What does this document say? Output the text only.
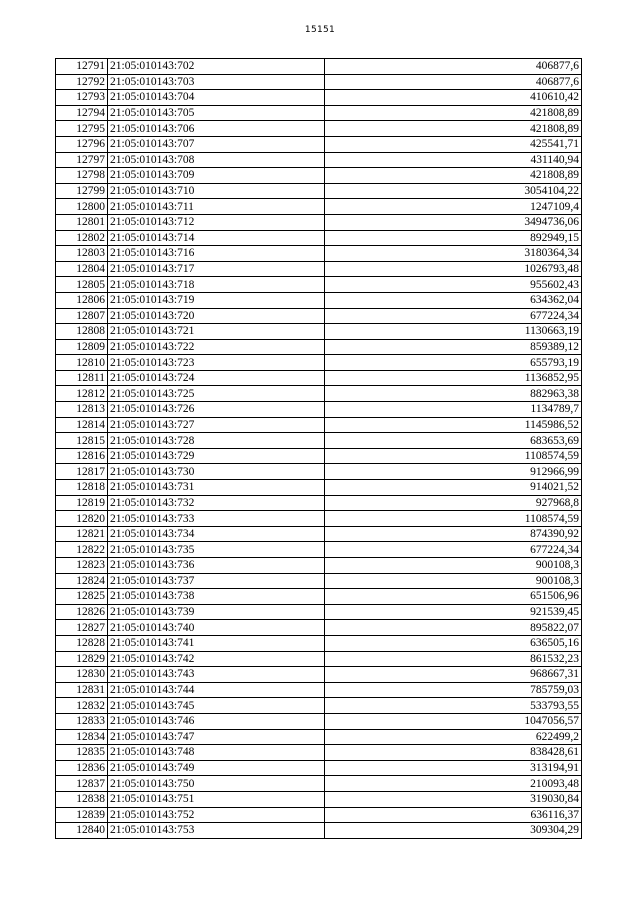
15151
12791	21:05:010143:702	406877,6
12792	21:05:010143:703	406877,6
12793	21:05:010143:704	410610,42
12794	21:05:010143:705	421808,89
12795	21:05:010143:706	421808,89
12796	21:05:010143:707	425541,71
12797	21:05:010143:708	431140,94
12798	21:05:010143:709	421808,89
12799	21:05:010143:710	3054104,22
12800	21:05:010143:711	1247109,4
12801	21:05:010143:712	3494736,06
12802	21:05:010143:714	892949,15
12803	21:05:010143:716	3180364,34
12804	21:05:010143:717	1026793,48
12805	21:05:010143:718	955602,43
12806	21:05:010143:719	634362,04
12807	21:05:010143:720	677224,34
12808	21:05:010143:721	1130663,19
12809	21:05:010143:722	859389,12
12810	21:05:010143:723	655793,19
12811	21:05:010143:724	1136852,95
12812	21:05:010143:725	882963,38
12813	21:05:010143:726	1134789,7
12814	21:05:010143:727	1145986,52
12815	21:05:010143:728	683653,69
12816	21:05:010143:729	1108574,59
12817	21:05:010143:730	912966,99
12818	21:05:010143:731	914021,52
12819	21:05:010143:732	927968,8
12820	21:05:010143:733	1108574,59
12821	21:05:010143:734	874390,92
12822	21:05:010143:735	677224,34
12823	21:05:010143:736	900108,3
12824	21:05:010143:737	900108,3
12825	21:05:010143:738	651506,96
12826	21:05:010143:739	921539,45
12827	21:05:010143:740	895822,07
12828	21:05:010143:741	636505,16
12829	21:05:010143:742	861532,23
12830	21:05:010143:743	968667,31
12831	21:05:010143:744	785759,03
12832	21:05:010143:745	533793,55
12833	21:05:010143:746	1047056,57
12834	21:05:010143:747	622499,2
12835	21:05:010143:748	838428,61
12836	21:05:010143:749	313194,91
12837	21:05:010143:750	210093,48
12838	21:05:010143:751	319030,84
12839	21:05:010143:752	636116,37
12840	21:05:010143:753	309304,29
